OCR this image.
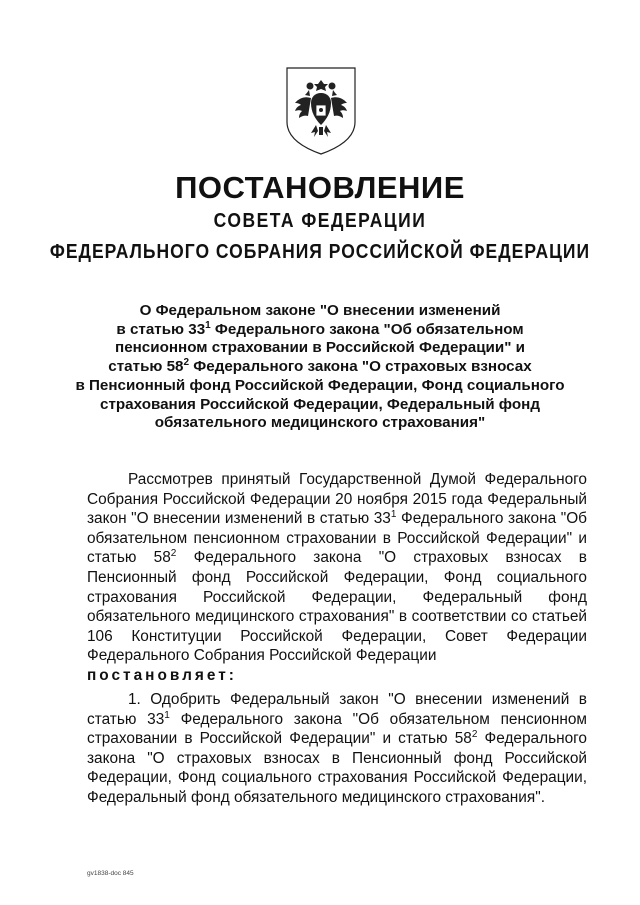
ПОСТАНОВЛЕНИЕ
СОВЕТА ФЕДЕРАЦИИ
ФЕДЕРАЛЬНОГО СОБРАНИЯ РОССИЙСКОЙ ФЕДЕРАЦИИ

О Федеральном законе "О внесении изменений
в статью $33^1$ Федерального закона "Об обязательном
пенсионном страховании в Российской Федерации" и
статью $58^2$ Федерального закона "О страховых взносах
в Пенсионный фонд Российской Федерации, Фонд социального
страхования Российской Федерации, Федеральный фонд
обязательного медицинского страхования"

Рассмотрев принятый Государственной Думой Федерального Собрания Российской Федерации 20 ноября 2015 года Федеральный закон "О внесении изменений в статью $33^1$ Федерального закона "Об обязательном пенсионном страховании в Российской Федерации" и статью $58^2$ Федерального закона "О страховых взносах в Пенсионный фонд Российской Федерации, Фонд социального страхования Российской Федерации, Федеральный фонд обязательного медицинского страхования" в соответствии со статьей 106 Конституции Российской Федерации, Совет Федерации Федерального Собрания Российской Федерации
постановляет:

1. Одобрить Федеральный закон "О внесении изменений в статью $33^1$ Федерального закона "Об обязательном пенсионном страховании в Российской Федерации" и статью $58^2$ Федерального закона "О страховых взносах в Пенсионный фонд Российской Федерации, Фонд социального страхования Российской Федерации, Федеральный фонд обязательного медицинского страхования".

gv1838-doc 845
